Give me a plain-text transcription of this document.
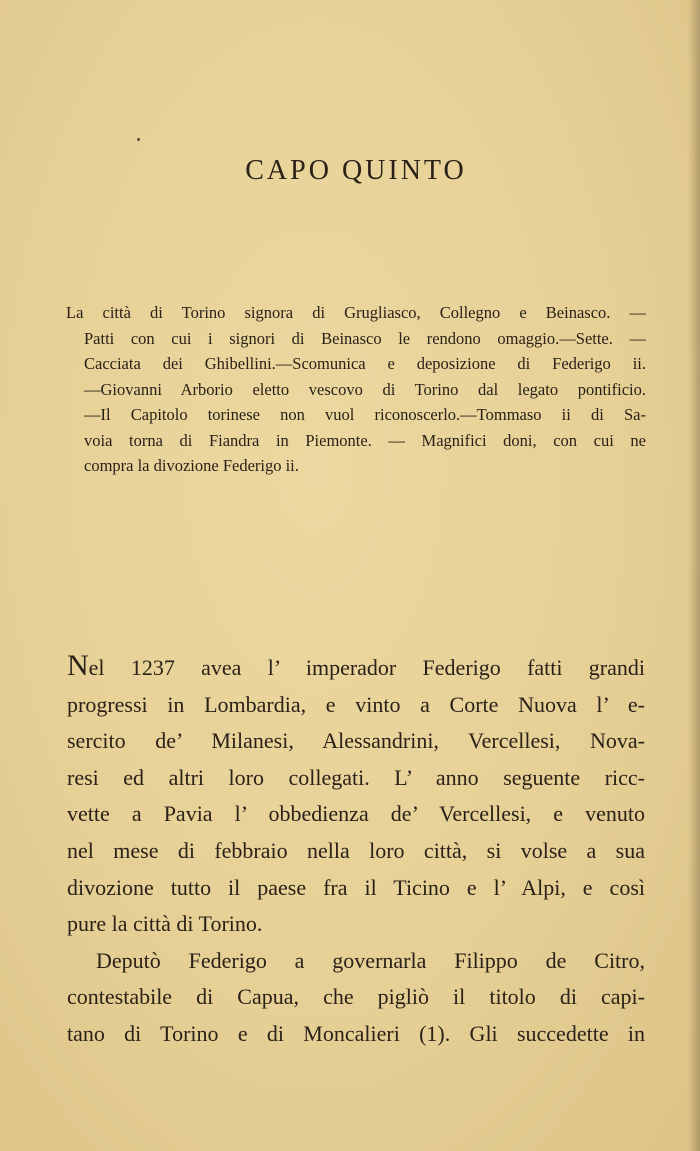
CAPO QUINTO
La città di Torino signora di Grugliasco, Collegno e Beinasco. —
Patti con cui i signori di Beinasco le rendono omaggio.—Sette. —
Cacciata dei Ghibellini.—Scomunica e deposizione di Federigo ii.
—Giovanni Arborio eletto vescovo di Torino dal legato pontificio.
—Il Capitolo torinese non vuol riconoscerlo.—Tommaso ii di Sa-
voia torna di Fiandra in Piemonte. — Magnifici doni, con cui ne
compra la divozione Federigo ii.
Nel 1237 avea l’ imperador Federigo fatti grandi
progressi in Lombardia, e vinto a Corte Nuova l’ e-
sercito de’ Milanesi, Alessandrini, Vercellesi, Nova-
resi ed altri loro collegati. L’ anno seguente ricc-
vette a Pavia l’ obbedienza de’ Vercellesi, e venuto
nel mese di febbraio nella loro città, si volse a sua
divozione tutto il paese fra il Ticino e l’ Alpi, e così
pure la città di Torino.
Deputò Federigo a governarla Filippo de Citro,
contestabile di Capua, che pigliò il titolo di capi-
tano di Torino e di Moncalieri (1). Gli succedette in
